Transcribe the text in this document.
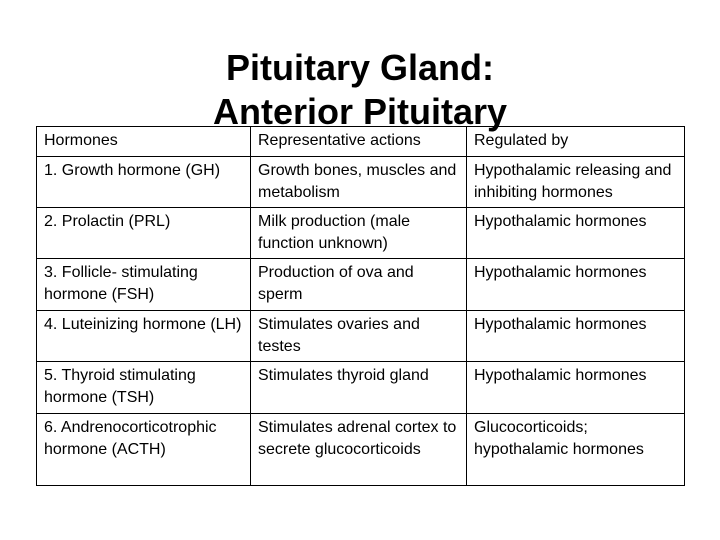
Pituitary Gland:
Anterior Pituitary
Hormones	Representative actions	Regulated by
1. Growth hormone (GH)	Growth bones, muscles and metabolism	Hypothalamic releasing and inhibiting hormones
2. Prolactin (PRL)	Milk production (male function unknown)	Hypothalamic hormones
3. Follicle- stimulating hormone (FSH)	Production of ova and sperm	Hypothalamic hormones
4. Luteinizing hormone (LH)	Stimulates ovaries and testes	Hypothalamic hormones
5. Thyroid stimulating hormone (TSH)	Stimulates thyroid gland	Hypothalamic hormones
6. Andrenocorticotrophic hormone (ACTH)	Stimulates adrenal cortex to secrete glucocorticoids	Glucocorticoids; hypothalamic hormones
